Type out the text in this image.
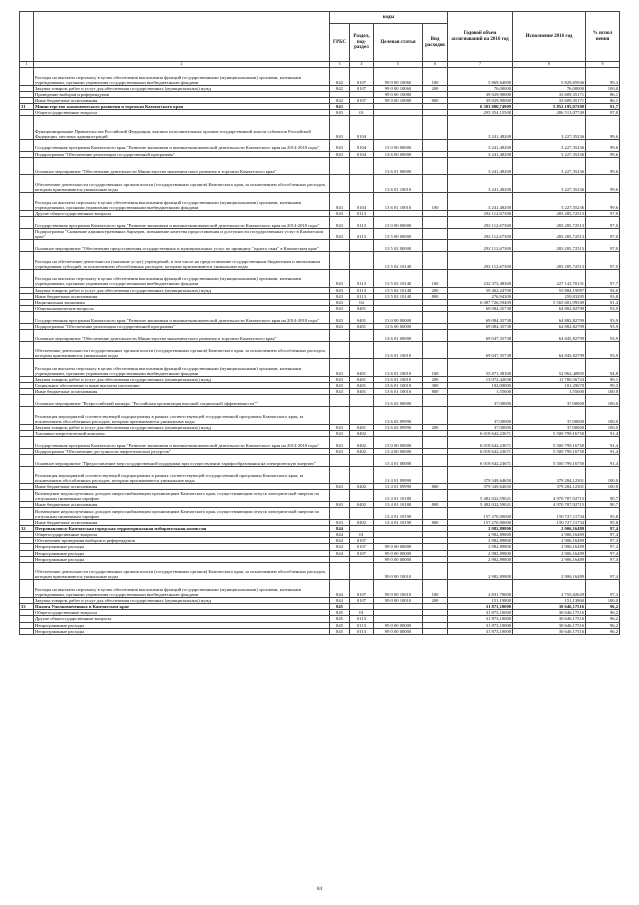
		коды				Годовой объем ассигнований на 2016 год	Исполнение 2016 год	% испол нения
		ГРБС	Раздел, под-раздел	Целевая статья	Вид расходов			
1	2	3	4	5	6	7	8	9
	Расходы на выплаты персоналу в целях обеспечения выполнения функций государственными (муниципальными) органами, казенными учреждениями, органами управления государственными внебюджетными фондами	842	0107	99 0 00 10060	100	5 869,64000	5 829,65946	99,3
	Закупка товаров, работ и услуг для обеспечения государственных (муниципальных) нужд	842	0107	99 0 00 10060	200	76,00000	76,00000	100,0
	Проведение выборов и референдумов			99 0 00 10080		39 029,90000	33 609,35171	86,1
	Иные бюджетные ассигнования	842	0107	99 0 00 10080	800	39 029,90000	33 609,35171	86,1
31	Министерство экономического развития и торговли Камчатского края	843				6 383 080,74909	5 852 195,07298	91,7
	Общегосударственные вопросы	843	01			295 354,15500	286 513,07749	97,0
	Функционирование Правительства Российской Федерации, высших исполнительных органов государственной власти субъектов Российской Федерации, местных администраций	843	0104			3 241,48200	3 227,35236	99,6
	Государственная программа Камчатского края "Развитие экономики и внешнеэкономической деятельности Камчатского края на 2014-2018 годы"	843	0104	13 0 00 00000		3 241,48200	3 227,35236	99,6
	Подпрограмма "Обеспечение реализации государственной программы"	843	0104	13 6 00 00000		3 241,48200	3 227,35236	99,6
	Основное мероприятие "Обеспечение деятельности Министерства экономического развития и торговли Камчатского края"			13 6 01 00000		3 241,48200	3 227,35236	99,6
	Обеспечение деятельности государственных органов власти (государственных органов) Камчатского края, за исключением обособленных расходов, которым присваиваются уникальные коды			13 6 01 10010		3 241,48200	3 227,35236	99,6
	Расходы на выплаты персоналу в целях обеспечения выполнения функций государственными (муниципальными) органами, казенными учреждениями, органами управления государственными внебюджетными фондами	843	0104	13 6 01 10010	100	3 241,48200	3 227,35236	99,6
	Другие общегосударственные вопросы	843	0113			292 112,67300	283 285,72513	97,0
	Государственная программа Камчатского края "Развитие экономики и внешнеэкономической деятельности Камчатского края на 2014-2018 годы"	843	0113	13 0 00 00000		292 112,67300	283 285,72513	97,0
	Подпрограмма "Снижение административных барьеров, повышение качества предоставления и доступности государственных услуг в Камчатском крае"	843	0113	13 5 00 00000		292 112,67300	283 285,72513	97,0
	Основное мероприятие "Обеспечение предоставления государственных и муниципальных услуг по принципу "одного окна" в Камчатском крае"			13 5 02 00000		292 112,67300	283 285,72513	97,0
	Расходы на обеспечение деятельности (оказание услуг) учреждений, в том числе на предоставление государственным бюджетным и автономным учреждениям субсидий, за исключением обособленных расходов, которым присваиваются уникальные коды			13 5 02 10140		292 112,67300	283 285,72513	97,0
	Расходы на выплаты персоналу в целях обеспечения выполнения функций государственными (муниципальными) органами, казенными учреждениями, органами управления государственными внебюджетными фондами	843	0113	13 5 02 10140	100	232 373,48300	227 141,70131	97,7
	Закупка товаров, работ и услуг для обеспечения государственных (муниципальных) нужд	843	0113	13 5 02 10140	200	59 462,24700	55 884,19087	94,0
	Иные бюджетные ассигнования	843	0113	13 5 02 10140	800	276,94300	259,83295	93,8
	Национальная экономика	843	04			6 087 726,59409	5 565 681,99549	91,4
	Общеэкономические вопросы	843	0401			69 084,35738	64 882,82799	93,9
	Государственная программа Камчатского края "Развитие экономики и внешнеэкономической деятельности Камчатского края на 2014-2018 годы"	843	0401	13 0 00 00000		69 084,35738	64 882,82799	93,9
	Подпрограмма "Обеспечение реализации государственной программы"	843	0401	13 6 00 00000		69 084,35738	64 882,82799	93,9
	Основное мероприятие "Обеспечение деятельности Министерства экономического развития и торговли Камчатского края"			13 6 01 00000		69 047,35738	64 845,82799	93,9
	Обеспечение деятельности государственных органов власти (государственных органов) Камчатского края, за исключением обособленных расходов, которым присваиваются уникальные коды			13 6 01 10010		69 047,35738	64 845,82799	93,9
	Расходы на выплаты персоналу в целях обеспечения выполнения функций государственными (муниципальными) органами, казенными учреждениями, органами управления государственными внебюджетными фондами	843	0401	13 6 01 10010	100	55 871,38100	52 962,40805	94,8
	Закупка товаров, работ и услуг для обеспечения государственных (муниципальных) нужд	843	0401	13 6 01 10010	200	13 072,42038	11 780,56724	90,1
	Социальное обеспечение и иные выплаты населению	843	0401	13 6 01 10010	300	102,00000	101,29670	99,3
	Иные бюджетные ассигнования	843	0401	13 6 01 10010	800	1,55600	1,55600	100,0
	Основное мероприятие "Всероссийский конкурс "Российская организация высокой социальной эффективности""			13 6 02 00000		37,00000	37,00000	100,0
	Реализация мероприятий соответствующей подпрограммы в рамках соответствующей государственной программы Камчатского края, за исключением обособленных расходов, которым присваиваются уникальные коды			13 6 02 09990		37,00000	37,00000	100,0
	Закупка товаров, работ и услуг для обеспечения государственных (муниципальных) нужд	843	0401	13 6 02 09990	200	37,00000	37,00000	100,0
	Топливно-энергетический комплекс	843	0402			6 018 642,23671	5 500 799,16750	91,4
	Государственная программа Камчатского края "Развитие экономики и внешнеэкономической деятельности Камчатского края на 2014-2018 годы"	843	0402	13 0 00 00000		6 018 642,23671	5 500 799,16750	91,4
	Подпрограмма "Обеспечение доступности энергетических ресурсов"	843	0402	13 4 00 00000		6 018 642,23671	5 500 799,16750	91,4
	Основное мероприятие "Предоставление мер государственной поддержки при осуществлении тарифообразования на электрическую энергию"			13 4 01 00000		6 018 642,23671	5 500 799,16750	91,4
	Реализация мероприятий соответствующей подпрограммы в рамках соответствующей государственной программы Камчатского края, за исключением обособленных расходов, которым присваиваются уникальные коды			13 4 01 09990		379 349,64650	379 284,12301	100,0
	Иные бюджетные ассигнования	843	0402	13 4 01 09990	800	379 349,64650	379 284,12301	100,0
	Возмещение недополученных доходов энергоснабжающим организациям Камчатского края, осуществляющим отпуск электрической энергии по отпускным сниженным тарифам			13 4 01 10180		5 482 022,59021	4 970 787,92715	90,7
	Иные бюджетные ассигнования	843	0402	13 4 01 10180	800	5 482 022,59021	4 970 787,92715	90,7
	Возмещение недополученных доходов энергоснабжающим организациям Камчатского края, осуществляющим отпуск электрической энергии по отпускным сниженным тарифам			13 4 01 10190		157 270,00000	150 727,11734	95,8
	Иные бюджетные ассигнования	843	0402	13 4 01 10190	800	157 270,00000	150 727,11734	95,8
32	Петропавловск-Камчатская городская территориальная избирательная комиссия	844				2 982,89800	2 906,16489	97,4
	Общегосударственные вопросы	844	01			2 982,89800	2 906,16489	97,4
	Обеспечение проведения выборов и референдумов	844	0107			2 982,89800	2 906,16489	97,4
	Непрограммные расходы	844	0107	99 0 00 00000		2 982,89800	2 906,16489	97,4
	Непрограммные расходы	844	0107	99 0 00 00000		2 982,89800	2 906,16489	97,4
	Непрограммные расходы			99 0 00 00000		2 982,89800	2 906,16489	97,4
	Обеспечение деятельности государственных органов власти (государственных органов) Камчатского края, за исключением обособленных расходов, которым присваиваются уникальные коды			99 0 00 10010		2 982,89800	2 906,16489	97,4
	Расходы на выплаты персоналу в целях обеспечения выполнения функций государственными (муниципальными) органами, казенными учреждениями, органами управления государственными внебюджетными фондами	844	0107	99 0 00 10010	100	2 831,70000	2 755,02629	97,3
	Закупка товаров, работ и услуг для обеспечения государственных (муниципальных) нужд	844	0107	99 0 00 10010	200	151,19800	151,13860	100,0
33	Палата Уполномоченных в Камчатском крае	845				31 873,10000	30 646,17516	96,2
	Общегосударственные вопросы	845	01			31 873,10000	30 646,17516	96,2
	Другие общегосударственные вопросы	845	0113			31 873,10000	30 646,17516	96,2
	Непрограммные расходы	845	0113	99 0 00 00000		31 873,10000	30 646,17516	96,2
	Непрограммные расходы	845	0113	99 0 00 00000		31 873,10000	30 646,17516	96,2
84
